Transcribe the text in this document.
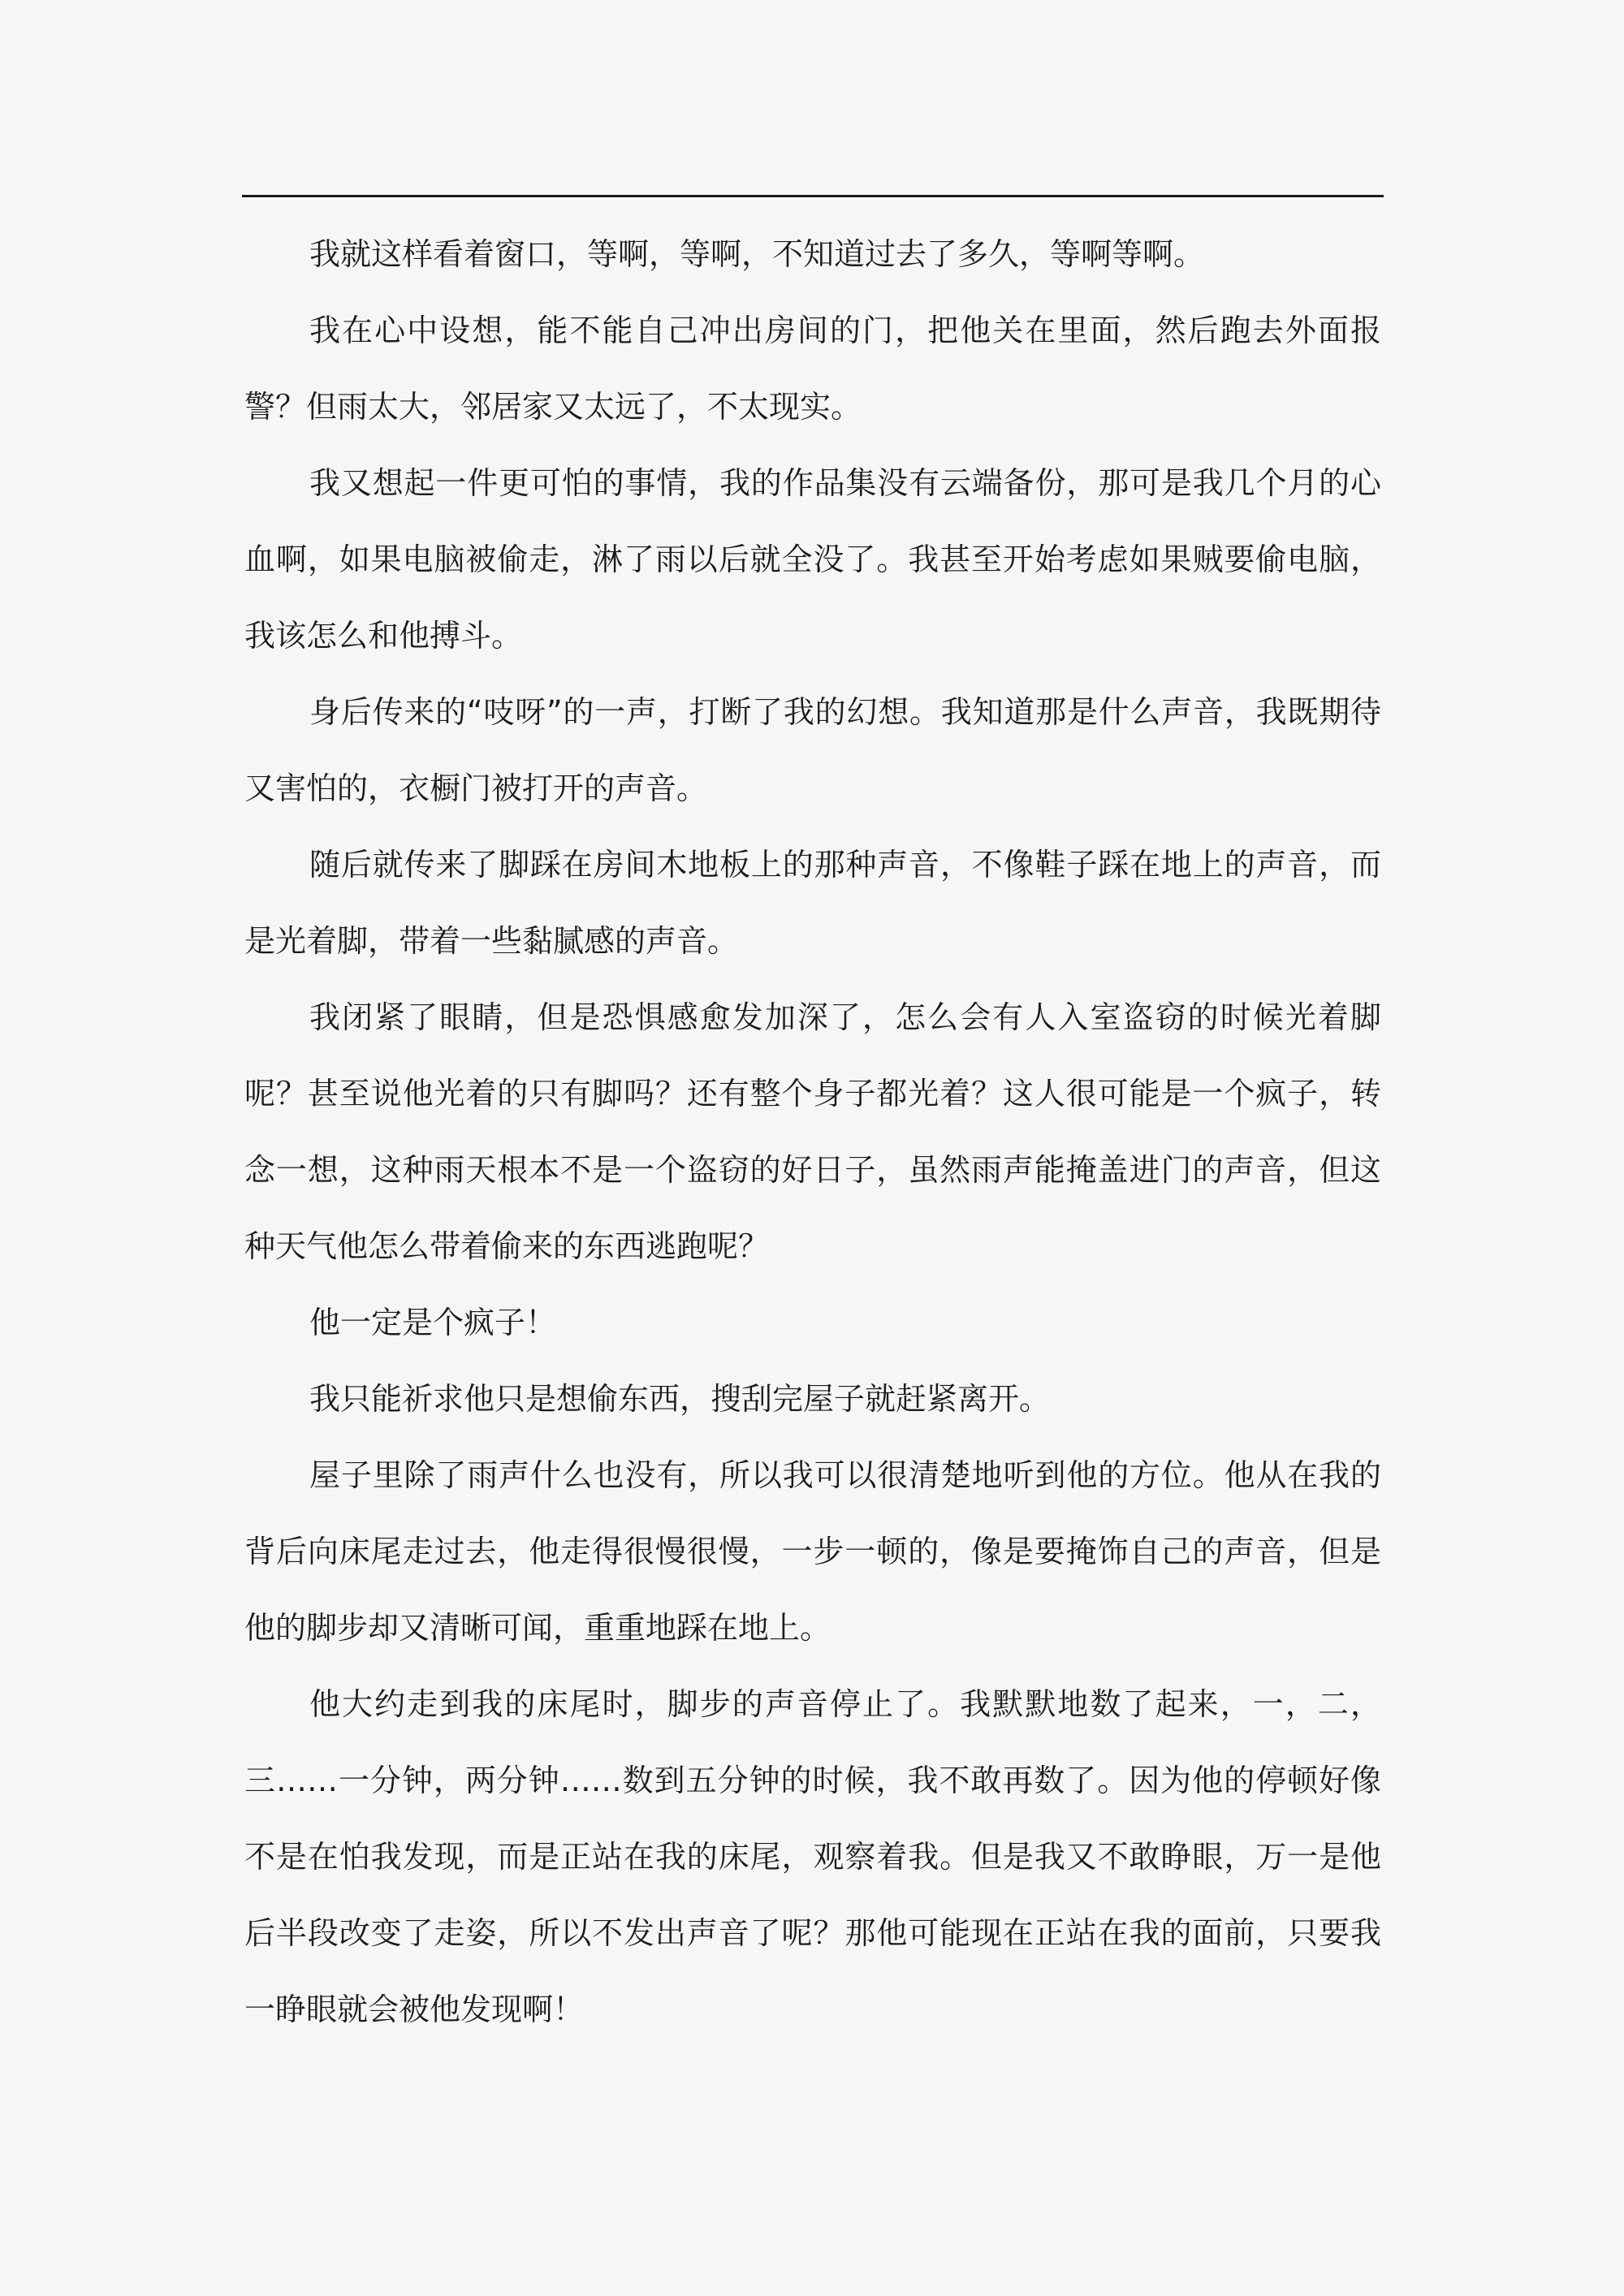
我就这样看着窗口，等啊，等啊，不知道过去了多久，等啊等啊。

我在心中设想，能不能自己冲出房间的门，把他关在里面，然后跑去外面报警？但雨太大，邻居家又太远了，不太现实。

我又想起一件更可怕的事情，我的作品集没有云端备份，那可是我几个月的心血啊，如果电脑被偷走，淋了雨以后就全没了。我甚至开始考虑如果贼要偷电脑，我该怎么和他搏斗。

身后传来的“吱呀”的一声，打断了我的幻想。我知道那是什么声音，我既期待又害怕的，衣橱门被打开的声音。

随后就传来了脚踩在房间木地板上的那种声音，不像鞋子踩在地上的声音，而是光着脚，带着一些黏腻感的声音。

我闭紧了眼睛，但是恐惧感愈发加深了，怎么会有人入室盗窃的时候光着脚呢？甚至说他光着的只有脚吗？还有整个身子都光着？这人很可能是一个疯子，转念一想，这种雨天根本不是一个盗窃的好日子，虽然雨声能掩盖进门的声音，但这种天气他怎么带着偷来的东西逃跑呢？

他一定是个疯子！

我只能祈求他只是想偷东西，搜刮完屋子就赶紧离开。

屋子里除了雨声什么也没有，所以我可以很清楚地听到他的方位。他从在我的背后向床尾走过去，他走得很慢很慢，一步一顿的，像是要掩饰自己的声音，但是他的脚步却又清晰可闻，重重地踩在地上。

他大约走到我的床尾时，脚步的声音停止了。我默默地数了起来，一，二，三……一分钟，两分钟……数到五分钟的时候，我不敢再数了。因为他的停顿好像不是在怕我发现，而是正站在我的床尾，观察着我。但是我又不敢睁眼，万一是他后半段改变了走姿，所以不发出声音了呢？那他可能现在正站在我的面前，只要我一睁眼就会被他发现啊！
